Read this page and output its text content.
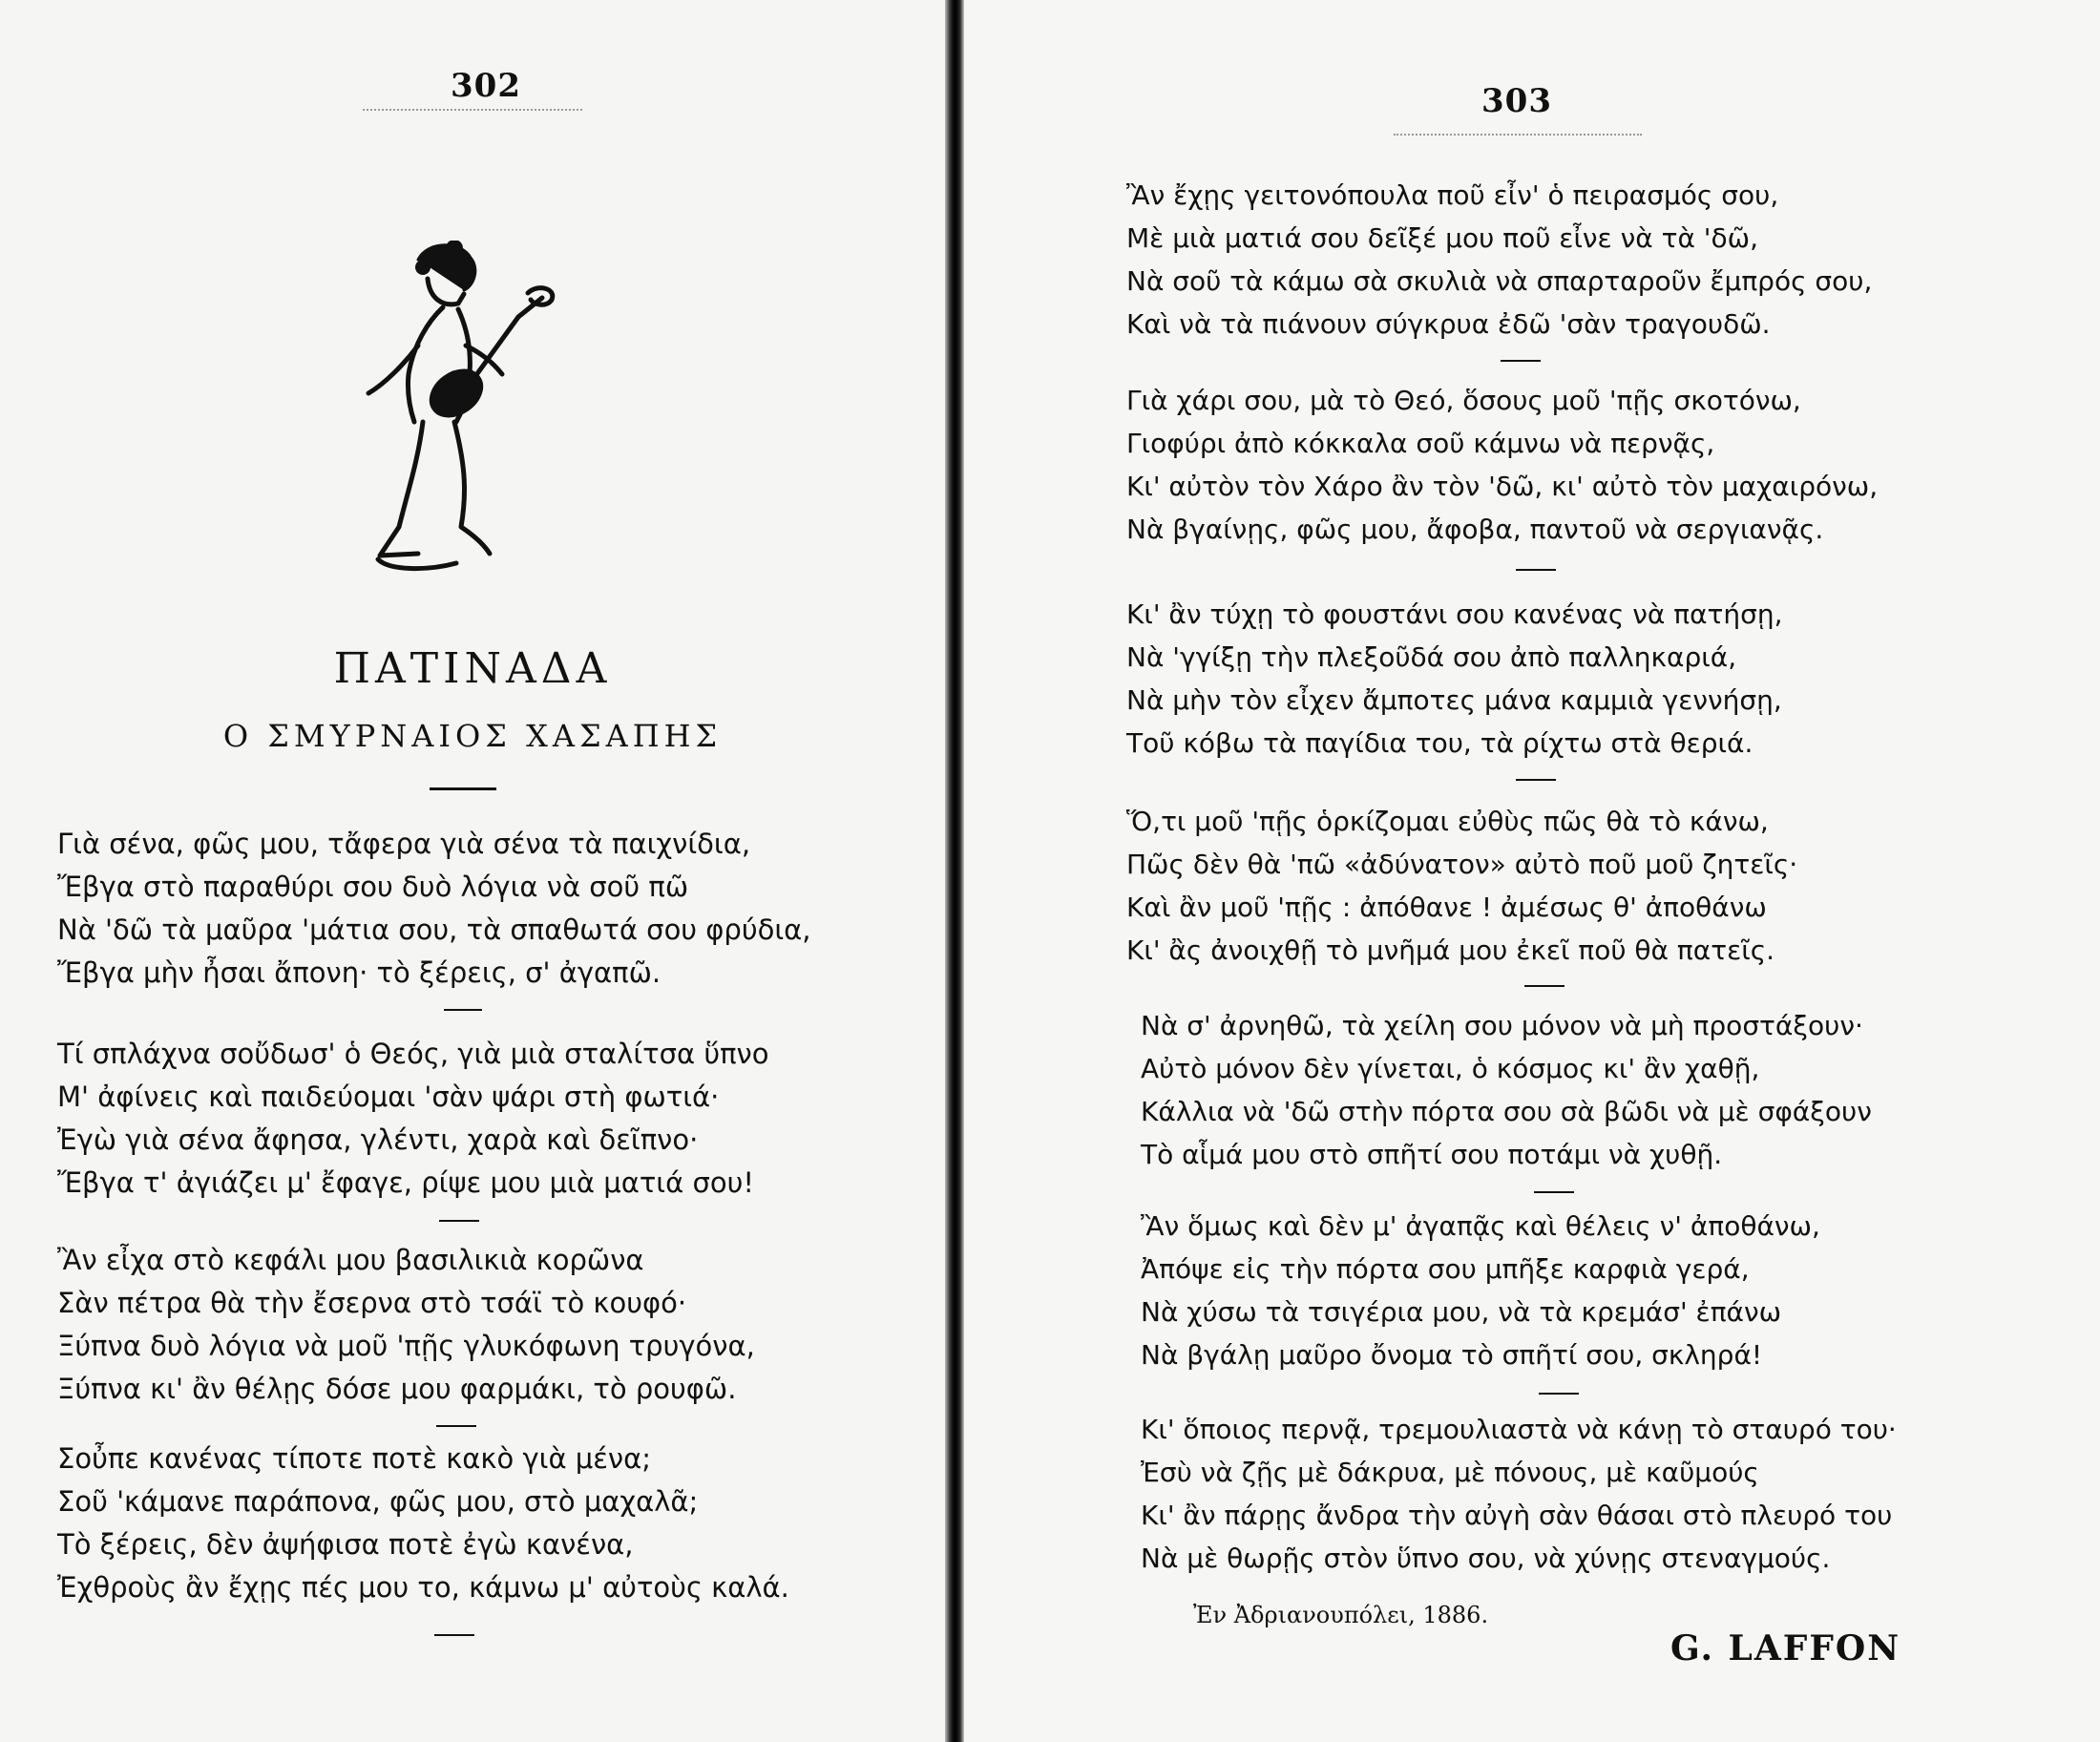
302
ΠΑΤΙΝΑΔΑ
Ο ΣΜΥΡΝΑΙΟΣ ΧΑΣΑΠΗΣ
Γιὰ σένα, φῶς μου, τἄφερα γιὰ σένα τὰ παιχνίδια,
Ἔβγα στὸ παραθύρι σου δυὸ λόγια νὰ σοῦ πῶ
Νὰ 'δῶ τὰ μαῦρα 'μάτια σου, τὰ σπαθωτά σου φρύδια,
Ἔβγα μὴν ἦσαι ἄπονη· τὸ ξέρεις, σ' ἀγαπῶ.
Τί σπλάχνα σοὔδωσ' ὁ Θεός, γιὰ μιὰ σταλίτσα ὕπνο
Μ' ἀφίνεις καὶ παιδεύομαι 'σὰν ψάρι στὴ φωτιά·
Ἐγὼ γιὰ σένα ἄφησα, γλέντι, χαρὰ καὶ δεῖπνο·
Ἔβγα τ' ἀγιάζει μ' ἔφαγε, ρίψε μου μιὰ ματιά σου!
Ἂν εἶχα στὸ κεφάλι μου βασιλικιὰ κορῶνα
Σὰν πέτρα θὰ τὴν ἔσερνα στὸ τσάϊ τὸ κουφό·
Ξύπνα δυὸ λόγια νὰ μοῦ 'πῇς γλυκόφωνη τρυγόνα,
Ξύπνα κι' ἂν θέλῃς δόσε μου φαρμάκι, τὸ ρουφῶ.
Σοὖπε κανένας τίποτε ποτὲ κακὸ γιὰ μένα;
Σοῦ 'κάμανε παράπονα, φῶς μου, στὸ μαχαλᾶ;
Τὸ ξέρεις, δὲν ἀψήφισα ποτὲ ἐγὼ κανένα,
Ἐχθροὺς ἂν ἔχῃς πές μου το, κάμνω μ' αὐτοὺς καλά.
303
Ἂν ἔχῃς γειτονόπουλα ποῦ εἶν' ὁ πειρασμός σου,
Μὲ μιὰ ματιά σου δεῖξέ μου ποῦ εἶνε νὰ τὰ 'δῶ,
Νὰ σοῦ τὰ κάμω σὰ σκυλιὰ νὰ σπαρταροῦν ἔμπρός σου,
Καὶ νὰ τὰ πιάνουν σύγκρυα ἐδῶ 'σὰν τραγουδῶ.
Γιὰ χάρι σου, μὰ τὸ Θεό, ὅσους μοῦ 'πῇς σκοτόνω,
Γιοφύρι ἀπὸ κόκκαλα σοῦ κάμνω νὰ περνᾷς,
Κι' αὐτὸν τὸν Χάρο ἂν τὸν 'δῶ, κι' αὐτὸ τὸν μαχαιρόνω,
Νὰ βγαίνῃς, φῶς μου, ἄφοβα, παντοῦ νὰ σεργιανᾷς.
Κι' ἂν τύχῃ τὸ φουστάνι σου κανένας νὰ πατήσῃ,
Νὰ 'γγίξῃ τὴν πλεξοῦδά σου ἀπὸ παλληκαριά,
Νὰ μὴν τὸν εἶχεν ἄμποτες μάνα καμμιὰ γεννήσῃ,
Τοῦ κόβω τὰ παγίδια του, τὰ ρίχτω στὰ θεριά.
Ὅ,τι μοῦ 'πῇς ὁρκίζομαι εὐθὺς πῶς θὰ τὸ κάνω,
Πῶς δὲν θὰ 'πῶ «ἀδύνατον» αὐτὸ ποῦ μοῦ ζητεῖς·
Καὶ ἂν μοῦ 'πῇς : ἀπόθανε ! ἀμέσως θ' ἀποθάνω
Κι' ἂς ἀνοιχθῇ τὸ μνῆμά μου ἐκεῖ ποῦ θὰ πατεῖς.
Νὰ σ' ἀρνηθῶ, τὰ χείλη σου μόνον νὰ μὴ προστάξουν·
Αὐτὸ μόνον δὲν γίνεται, ὁ κόσμος κι' ἂν χαθῇ,
Κάλλια νὰ 'δῶ στὴν πόρτα σου σὰ βῶδι νὰ μὲ σφάξουν
Τὸ αἷμά μου στὸ σπῆτί σου ποτάμι νὰ χυθῇ.
Ἂν ὅμως καὶ δὲν μ' ἀγαπᾷς καὶ θέλεις ν' ἀποθάνω,
Ἀπόψε εἰς τὴν πόρτα σου μπῆξε καρφιὰ γερά,
Νὰ χύσω τὰ τσιγέρια μου, νὰ τὰ κρεμάσ' ἐπάνω
Νὰ βγάλῃ μαῦρο ὄνομα τὸ σπῆτί σου, σκληρά!
Κι' ὅποιος περνᾷ, τρεμουλιαστὰ νὰ κάνῃ τὸ σταυρό του·
Ἐσὺ νὰ ζῇς μὲ δάκρυα, μὲ πόνους, μὲ καῦμούς
Κι' ἂν πάρῃς ἄνδρα τὴν αὐγὴ σὰν θάσαι στὸ πλευρό του
Νὰ μὲ θωρῇς στὸν ὕπνο σου, νὰ χύνῃς στεναγμούς.
Ἐν Ἀδριανουπόλει, 1886.
G. LAFFON
